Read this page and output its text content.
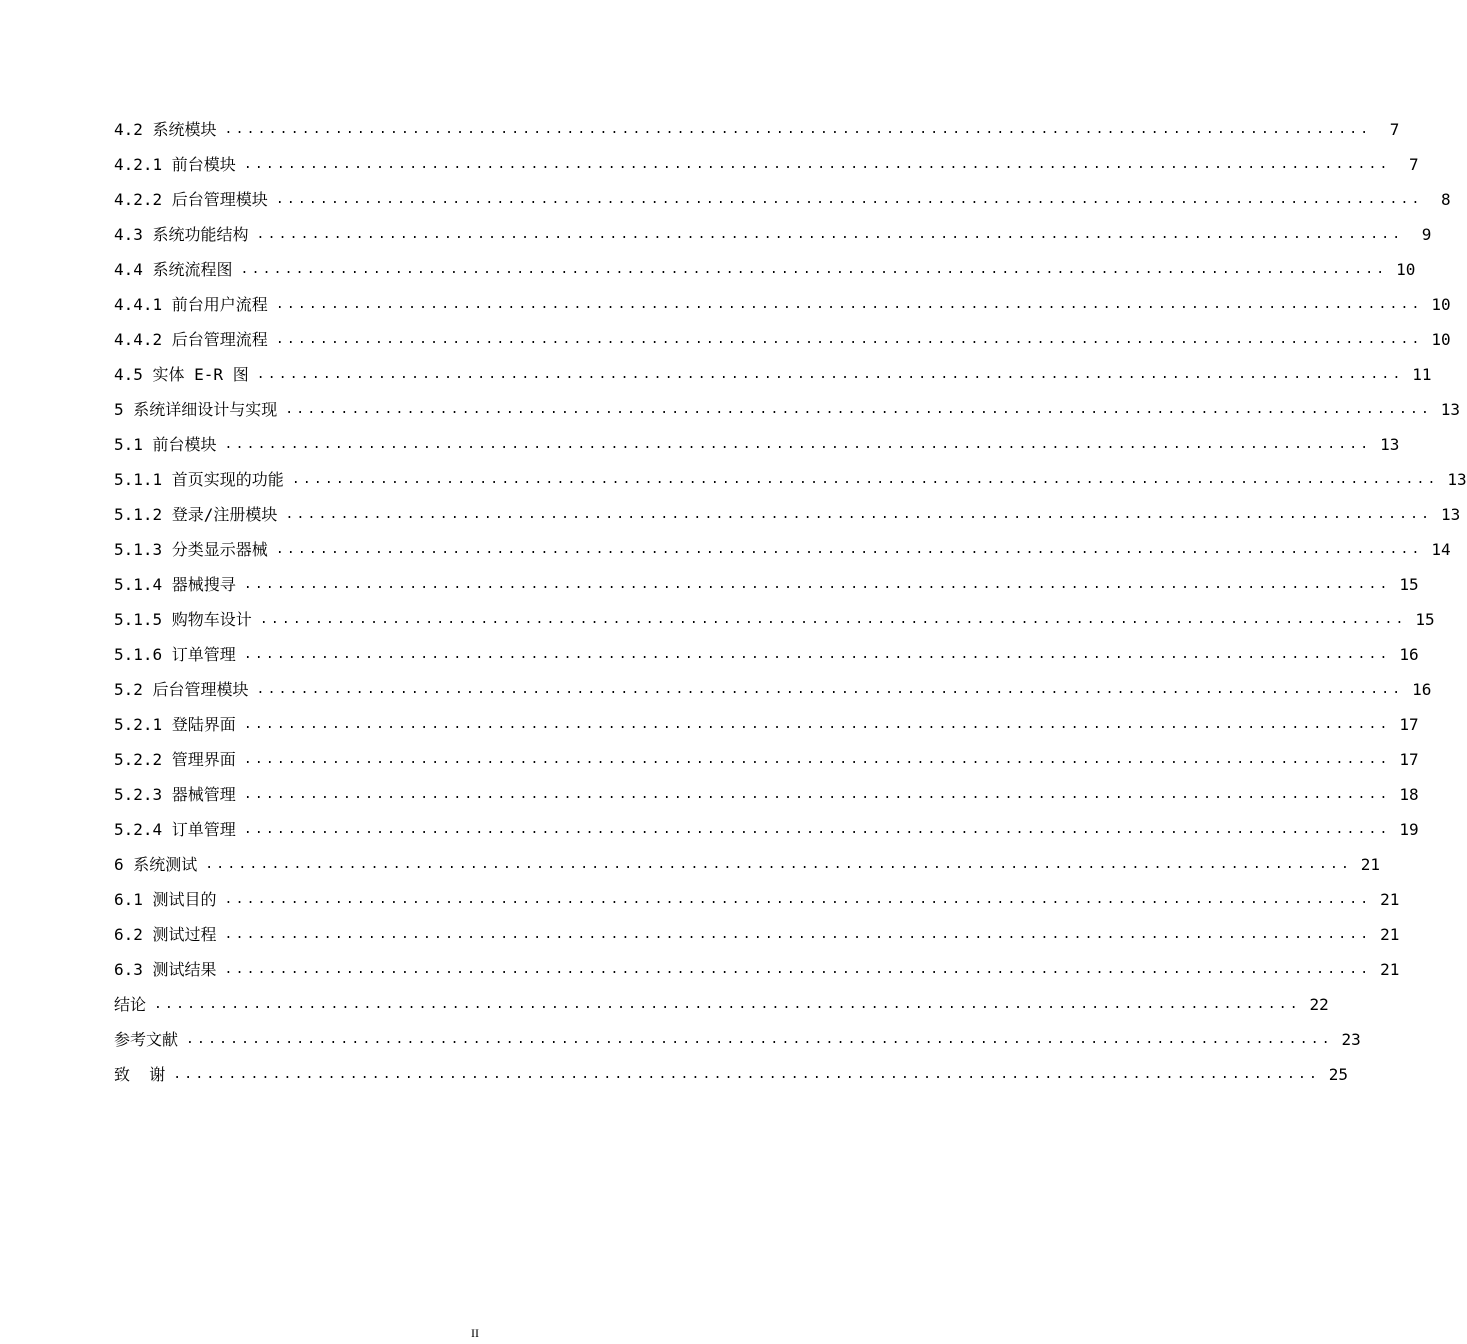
4.2 系统模块 ........................................................................................................	7
4.2.1 前台模块 ........................................................................................................	7
4.2.2 后台管理模块 ........................................................................................................	8
4.3 系统功能结构 ........................................................................................................	9
4.4 系统流程图 ........................................................................................................ 10
4.4.1 前台用户流程 ........................................................................................................ 10
4.4.2 后台管理流程 ........................................................................................................ 10
4.5 实体 E-R 图 ........................................................................................................ 11
5 系统详细设计与实现 ........................................................................................................ 13
5.1 前台模块 ........................................................................................................ 13
5.1.1 首页实现的功能 ........................................................................................................ 13
5.1.2 登录/注册模块 ........................................................................................................ 13
5.1.3 分类显示器械 ........................................................................................................ 14
5.1.4 器械搜寻 ........................................................................................................ 15
5.1.5 购物车设计 ........................................................................................................ 15
5.1.6 订单管理 ........................................................................................................ 16
5.2 后台管理模块 ........................................................................................................ 16
5.2.1 登陆界面 ........................................................................................................ 17
5.2.2 管理界面 ........................................................................................................ 17
5.2.3 器械管理 ........................................................................................................ 18
5.2.4 订单管理 ........................................................................................................ 19
6 系统测试 ........................................................................................................ 21
6.1 测试目的 ........................................................................................................ 21
6.2 测试过程 ........................................................................................................ 21
6.3 测试结果 ........................................................................................................ 21
结论 ........................................................................................................ 22
参考文献 ........................................................................................................ 23
致  谢 ........................................................................................................ 25
II
